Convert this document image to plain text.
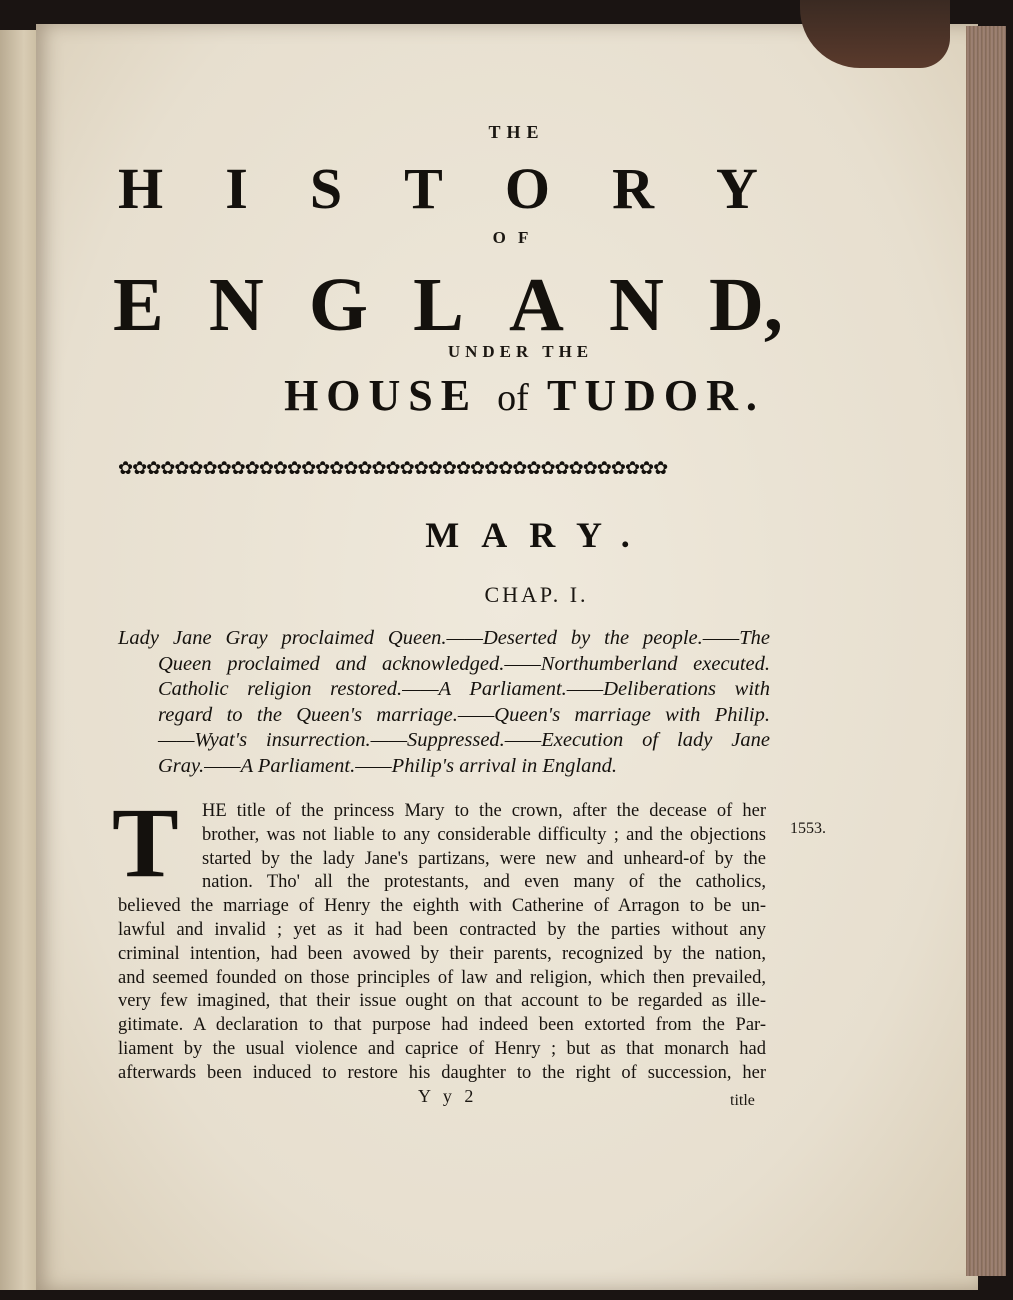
THE
H I S T O R Y
O F
E N G L A N D,
UNDER THE
HOUSE of TUDOR.
✿✿✿✿✿✿✿✿✿✿✿✿✿✿✿✿✿✿✿✿✿✿✿✿✿✿✿✿✿✿✿✿✿✿✿✿✿✿✿
MARY.
CHAP. I.
Lady Jane Gray proclaimed Queen.——Deserted by the people.——The
Queen proclaimed and acknowledged.——Northumberland executed.
Catholic religion restored.——A Parliament.——Deliberations with
regard to the Queen's marriage.——Queen's marriage with Philip.
——Wyat's insurrection.——Suppressed.——Execution of lady Jane
Gray.——A Parliament.——Philip's arrival in England.
T	HE title of the princess Mary to the crown, after the decease of her
brother, was not liable to any considerable difficulty ; and the objections
started by the lady Jane's partizans, were new and unheard-of by the
nation. Tho' all the protestants, and even many of the catholics,
believed the marriage of Henry the eighth with Catherine of Arragon to be un-
lawful and invalid ; yet as it had been contracted by the parties without any
criminal intention, had been avowed by their parents, recognized by the nation,
and seemed founded on those principles of law and religion, which then prevailed,
very few imagined, that their issue ought on that account to be regarded as ille-
gitimate. A declaration to that purpose had indeed been extorted from the Par-
liament by the usual violence and caprice of Henry ; but as that monarch had
afterwards been induced to restore his daughter to the right of succession, her
1553.
Y y 2	title
